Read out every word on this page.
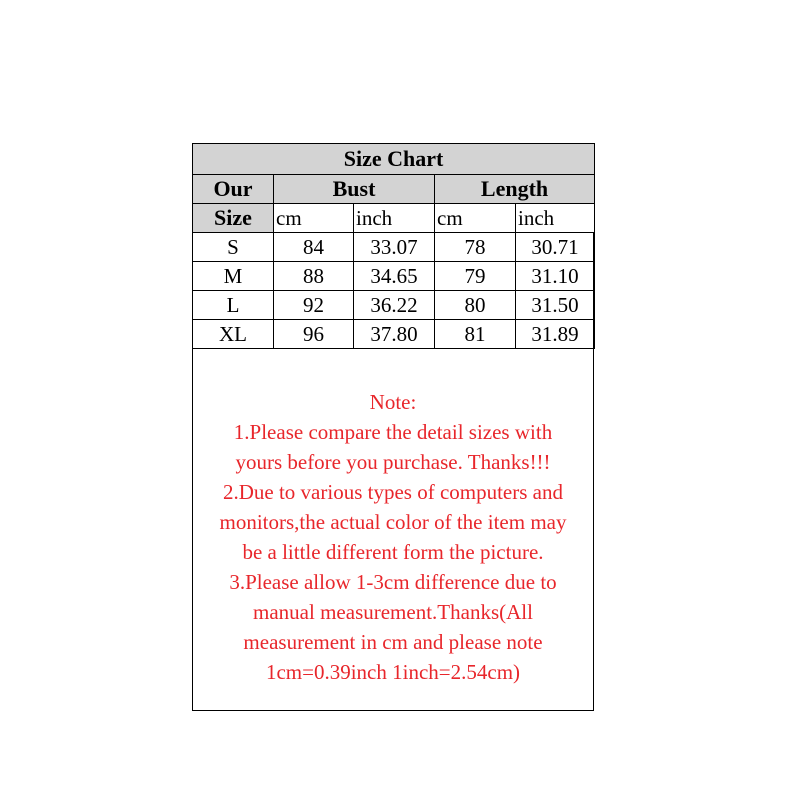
Size Chart				
Our	Bust		Length	
Size	cm	inch	cm	inch
S	84	33.07	78	30.71
M	88	34.65	79	31.10
L	92	36.22	80	31.50
XL	96	37.80	81	31.89
Note:
1.Please compare the detail sizes with
yours before you purchase. Thanks!!!
2.Due to various types of computers and
monitors,the actual color of the item may
be a little different form the picture.
3.Please allow 1-3cm difference due to
manual measurement.Thanks(All
measurement in cm and please note
1cm=0.39inch 1inch=2.54cm)
